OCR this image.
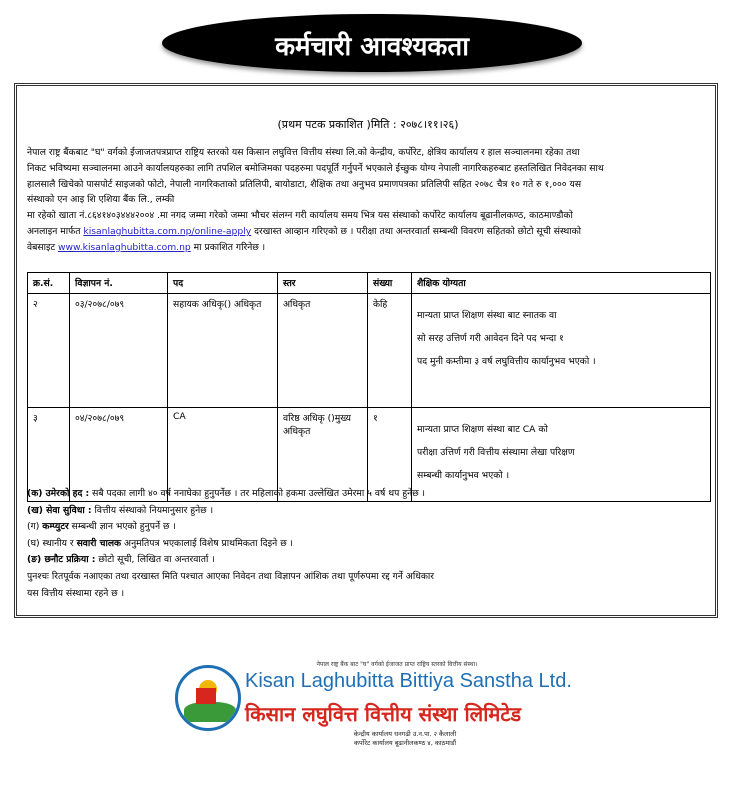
कर्मचारी आवश्यकता
(प्रथम पटक प्रकाशित )मिति : २०७८।११।२६)

नेपाल राष्ट्र बैंकबाट "घ" वर्गको ईजाजतपत्रप्राप्त राष्ट्रिय स्तरको यस किसान लघुवित्त वित्तीय संस्था लि.को केन्द्रीय, कर्पोरेट, क्षेत्रिय कार्यालय र हाल सञ्चालनमा रहेका तथा

निकट भविष्यमा सञ्चालनमा आउने कार्यालयहरुका लागि तपशिल बमोजिमका पदहरुमा पदपूर्ति गर्नुपर्ने भएकाले ईच्छुक योग्य नेपाली नागरिकहरुबाट हस्तलिखित निवेदनका साथ

हालसालै खिचेको पासपोर्ट साइजको फोटो, नेपाली नागरिकताको प्रतिलिपी, बायोडाटा, शैक्षिक तथा अनुभव प्रमाणपत्रका प्रतिलिपी सहित २०७८ चैत्र १० गते रु १,००० यस

संस्थाको एन आइ शि एशिया बैंक लि., लम्की

मा रहेको खाता नं.८६४१४०३४४४२००४ .मा नगद जम्मा गरेको जम्मा भौचर संलग्न गरी कार्यालय समय भित्र यस संस्थाको कर्पोरेट कार्यालय बूढानीलकण्ठ, काठमाण्डौको

अनलाइन मार्फत kisanlaghubitta.com.np/online-apply दरखास्त आव्हान गरिएको छ । परीक्षा तथा अन्तरवार्ता सम्बन्धी विवरण सहितको छोटो सूची संस्थाको

वेबसाइट www.kisanlaghubitta.com.np मा प्रकाशित गरिनेछ ।

क्र.सं.	विज्ञापन नं.	पद	स्तर	संख्या	शैक्षिक योग्यता
२	०३/२०७८/०७९	सहायक अधिकृ() अधिकृत	अधिकृत	केहि	मान्यता प्राप्त शिक्षण संस्था बाट स्नातक वा
सो सरह उत्तिर्ण गरी आवेदन दिने पद भन्दा १
पद मुनी कम्तीमा ३ वर्ष लघुवित्तीय कार्यानुभव भएको ।

३	०४/२०७८/०७९	CA	वरिष्ठ अधिकृ ()मुख्य अधिकृत	१	मान्यता प्राप्त शिक्षण संस्था बाट CA को
परीक्षा उत्तिर्ण गरी वित्तीय संस्थामा लेखा परिक्षण
सम्बन्धी कार्यानुभव भएको ।

(क) उमेरको हद : सबै पदका लागी ४० वर्ष ननाघेका हुनुपर्नेछ । तर महिलाको हकमा उल्लेखित उमेरमा ५ वर्ष थप हुनेछ ।

(ख) सेवा सुविधा : वित्तीय संस्थाको नियमानुसार हुनेछ ।

(ग) कम्प्युटर सम्बन्धी ज्ञान भएको हुनुपर्ने छ ।

(घ) स्थानीय र सवारी चालक अनुमतिपत्र भएकालाई विशेष प्राथमिकता दिइने छ ।

(ङ) छनौट प्रक्रिया : छोटो सूची, लिखित वा अन्तरवार्ता ।

पुनश्चः रितपूर्वक नआएका तथा दरखास्त मिति पश्चात आएका निवेदन तथा विज्ञापन आंशिक तथा पूर्णरुपमा रद्द गर्ने अधिकार

यस वित्तीय संस्थामा रहने छ ।

नेपाल राष्ट्र बैंक बाट "घ" वर्गको ईजाजत प्राप्त राष्ट्रिय स्तरको वित्तीय संस्था।
Kisan Laghubitta Bittiya Sanstha Ltd.
किसान लघुवित्त वित्तीय संस्था लिमिटेड
केन्द्रीय कार्यालय धनगढी उ.न.पा. २ कैलाली
कर्पोरेट कार्यालय बूढानीलकण्ठ ४, काठमाडौं
